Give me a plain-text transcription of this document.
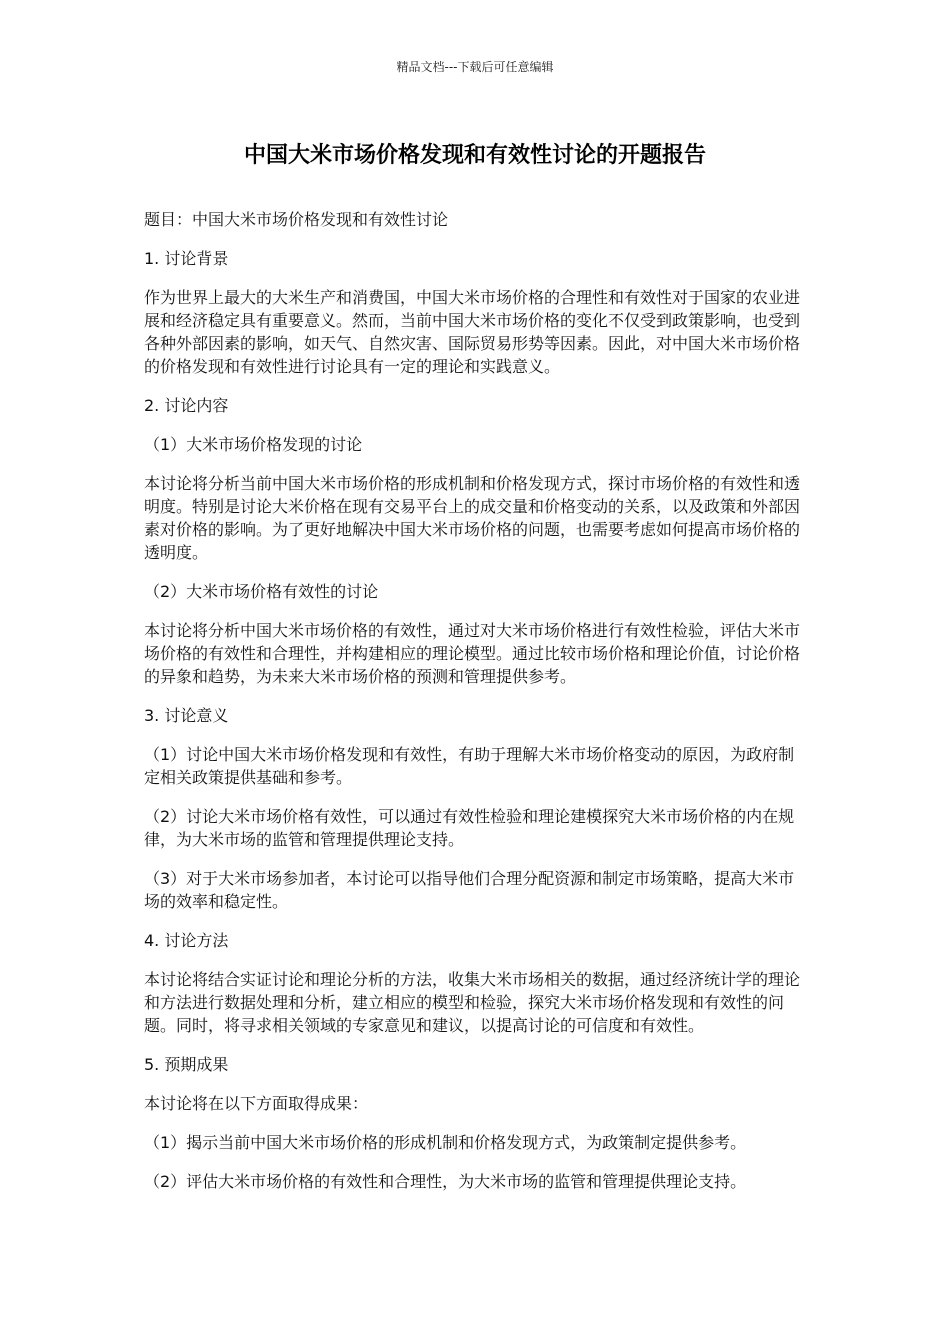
精品文档---下载后可任意编辑
中国大米市场价格发现和有效性讨论的开题报告

题目：中国大米市场价格发现和有效性讨论

1. 讨论背景

作为世界上最大的大米生产和消费国，中国大米市场价格的合理性和有效性对于国家的农业进展和经济稳定具有重要意义。然而，当前中国大米市场价格的变化不仅受到政策影响，也受到各种外部因素的影响，如天气、自然灾害、国际贸易形势等因素。因此，对中国大米市场价格的价格发现和有效性进行讨论具有一定的理论和实践意义。

2. 讨论内容

（1）大米市场价格发现的讨论

本讨论将分析当前中国大米市场价格的形成机制和价格发现方式，探讨市场价格的有效性和透明度。特别是讨论大米价格在现有交易平台上的成交量和价格变动的关系，以及政策和外部因素对价格的影响。为了更好地解决中国大米市场价格的问题，也需要考虑如何提高市场价格的透明度。

（2）大米市场价格有效性的讨论

本讨论将分析中国大米市场价格的有效性，通过对大米市场价格进行有效性检验，评估大米市场价格的有效性和合理性，并构建相应的理论模型。通过比较市场价格和理论价值，讨论价格的异象和趋势，为未来大米市场价格的预测和管理提供参考。

3. 讨论意义

（1）讨论中国大米市场价格发现和有效性，有助于理解大米市场价格变动的原因，为政府制定相关政策提供基础和参考。

（2）讨论大米市场价格有效性，可以通过有效性检验和理论建模探究大米市场价格的内在规律，为大米市场的监管和管理提供理论支持。

（3）对于大米市场参加者，本讨论可以指导他们合理分配资源和制定市场策略，提高大米市场的效率和稳定性。

4. 讨论方法

本讨论将结合实证讨论和理论分析的方法，收集大米市场相关的数据，通过经济统计学的理论和方法进行数据处理和分析，建立相应的模型和检验，探究大米市场价格发现和有效性的问题。同时，将寻求相关领域的专家意见和建议，以提高讨论的可信度和有效性。

5. 预期成果

本讨论将在以下方面取得成果：

（1）揭示当前中国大米市场价格的形成机制和价格发现方式，为政策制定提供参考。

（2）评估大米市场价格的有效性和合理性，为大米市场的监管和管理提供理论支持。
